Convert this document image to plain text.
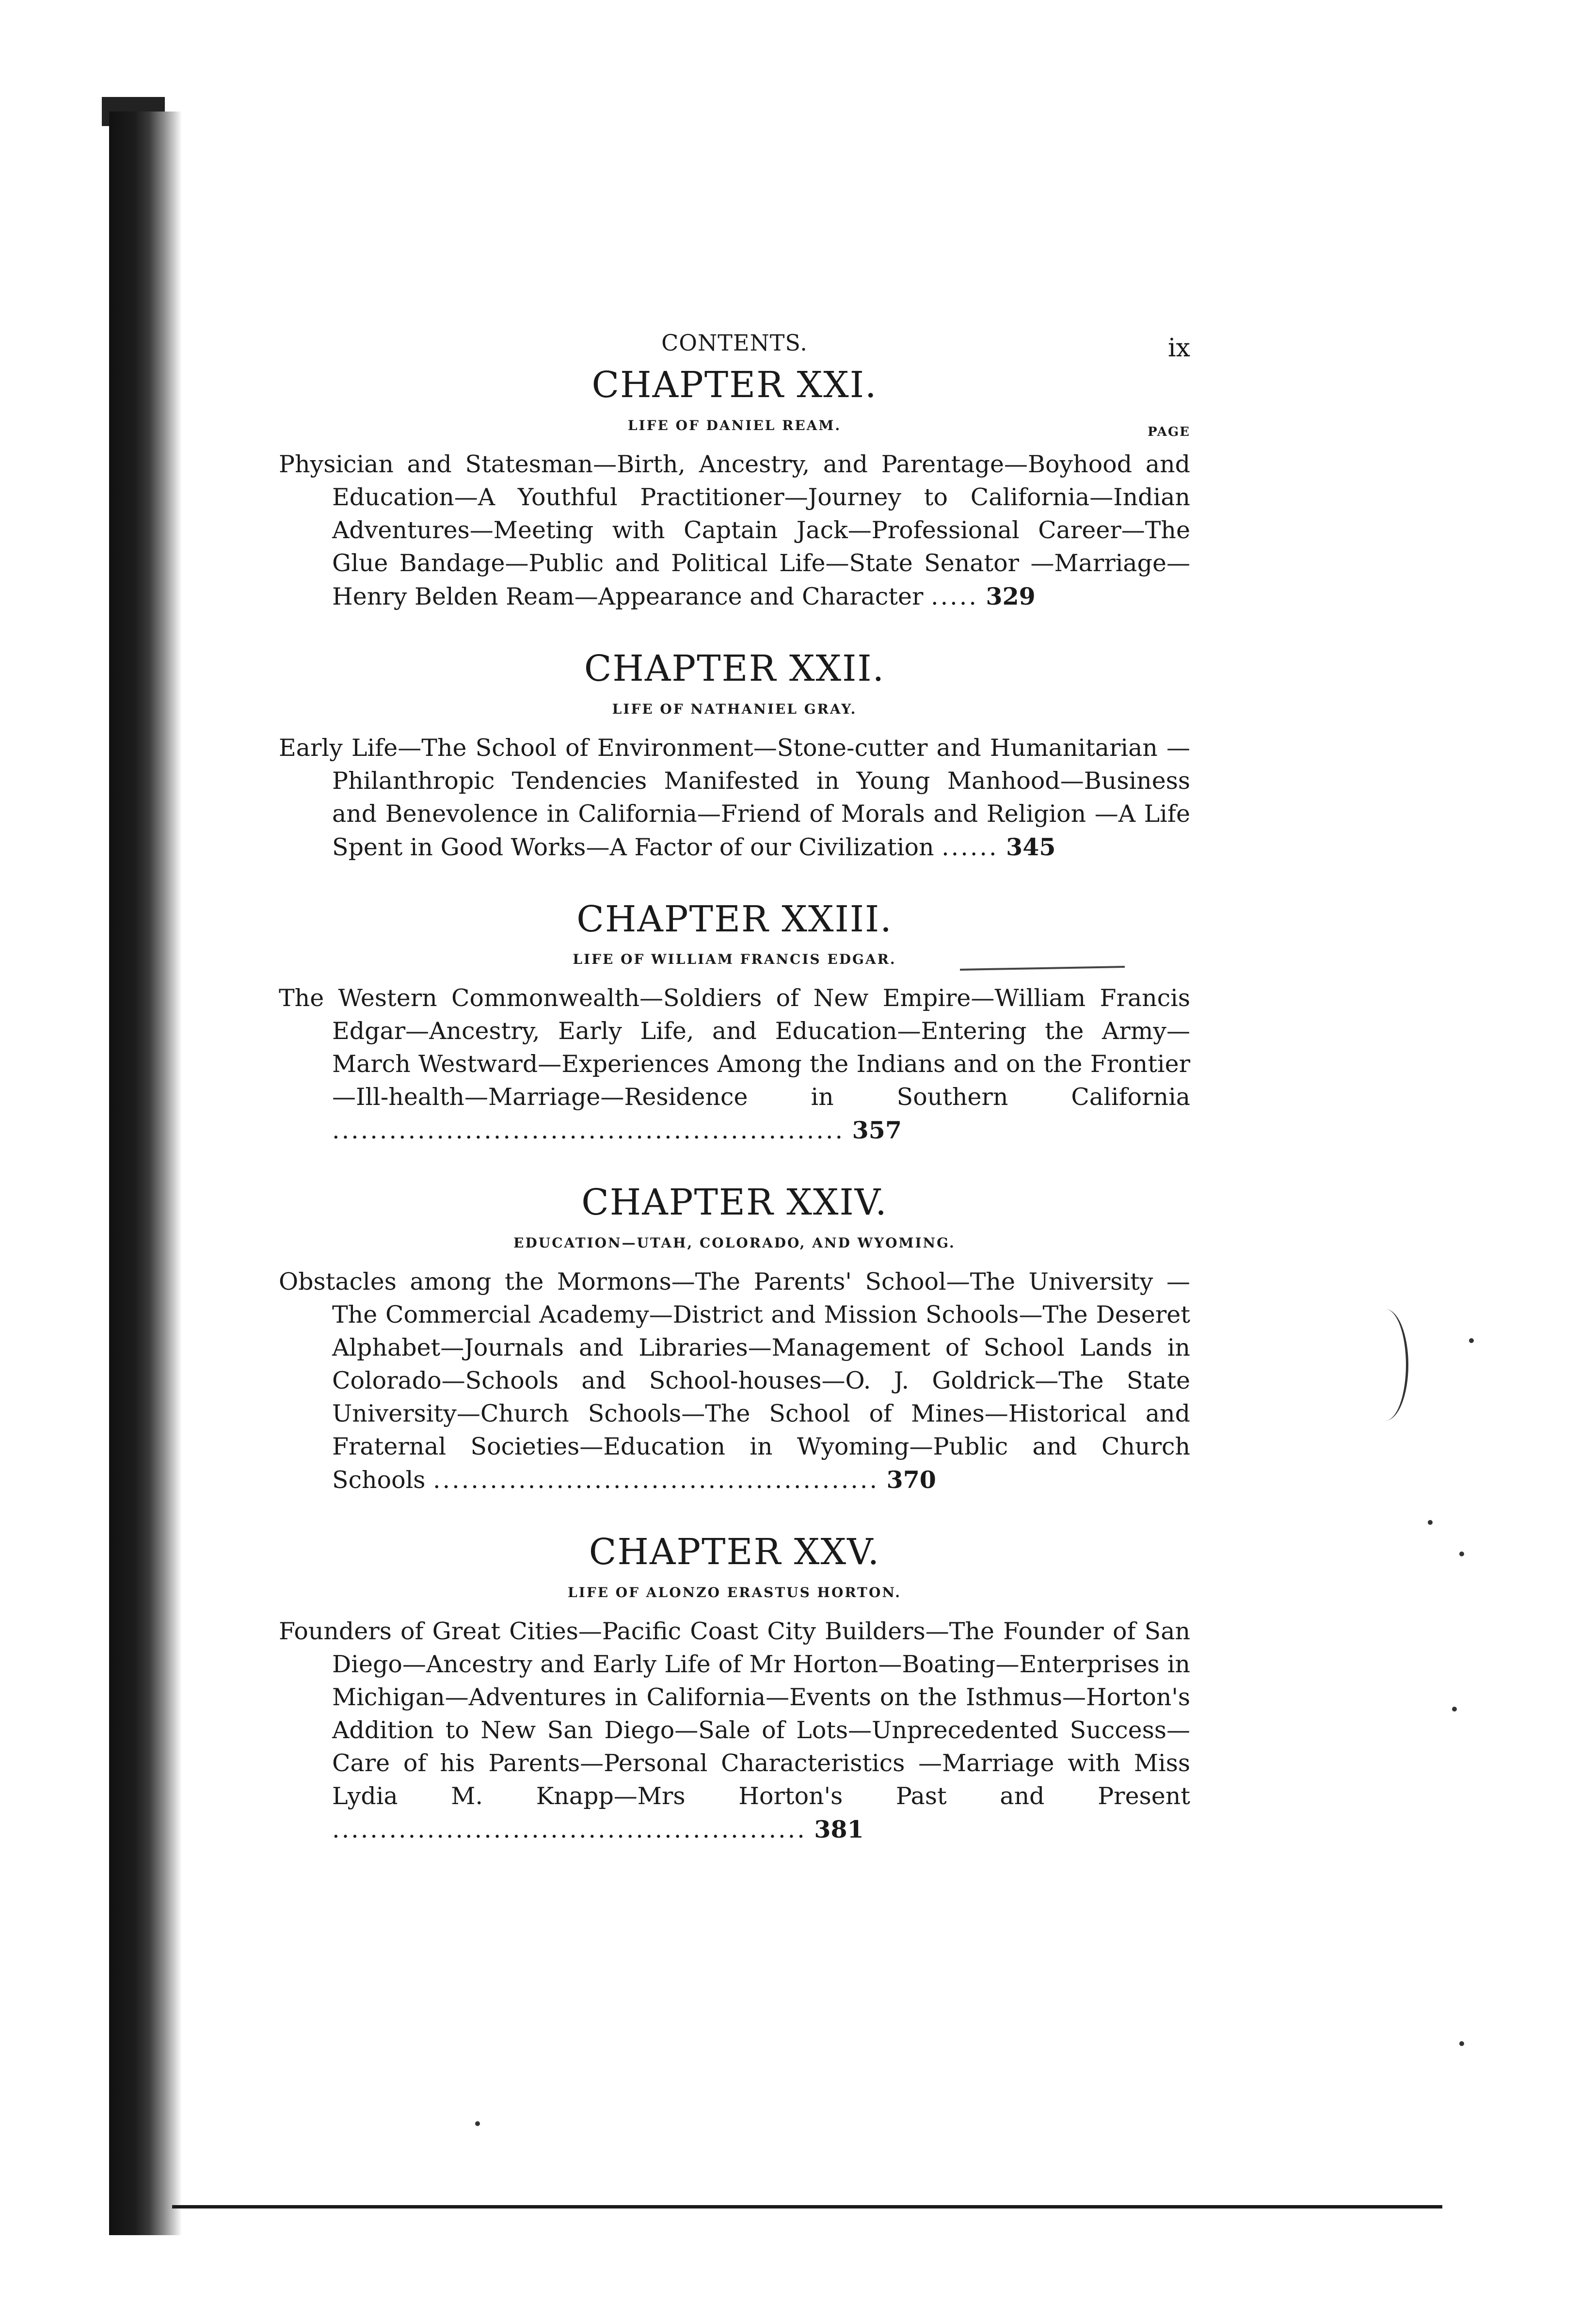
CONTENTS.	ix
CHAPTER XXI.
LIFE OF DANIEL REAM.	PAGE

Physician and Statesman—Birth, Ancestry, and Parentage—Boyhood and Education—A Youthful Practitioner—Journey to California—Indian Adventures—Meeting with Captain Jack—Professional Career—The Glue Bandage—Public and Political Life—State Senator —Marriage—Henry Belden Ream—Appearance and Character ..... 329

CHAPTER XXII.
LIFE OF NATHANIEL GRAY.

Early Life—The School of Environment—Stone-cutter and Humanitarian —Philanthropic Tendencies Manifested in Young Manhood—Business and Benevolence in California—Friend of Morals and Religion —A Life Spent in Good Works—A Factor of our Civilization ...... 345

CHAPTER XXIII.
LIFE OF WILLIAM FRANCIS EDGAR.

The Western Commonwealth—Soldiers of New Empire—William Francis Edgar—Ancestry, Early Life, and Education—Entering the Army—March Westward—Experiences Among the Indians and on the Frontier—Ill-health—Marriage—Residence in Southern California ...................................................... 357

CHAPTER XXIV.
EDUCATION—UTAH, COLORADO, AND WYOMING.

Obstacles among the Mormons—The Parents' School—The University —The Commercial Academy—District and Mission Schools—The Deseret Alphabet—Journals and Libraries—Management of School Lands in Colorado—Schools and School-houses—O. J. Goldrick—The State University—Church Schools—The School of Mines—Historical and Fraternal Societies—Education in Wyoming—Public and Church Schools ............................................... 370

CHAPTER XXV.
LIFE OF ALONZO ERASTUS HORTON.

Founders of Great Cities—Pacific Coast City Builders—The Founder of San Diego—Ancestry and Early Life of Mr Horton—Boating—Enterprises in Michigan—Adventures in California—Events on the Isthmus—Horton's Addition to New San Diego—Sale of Lots—Unprecedented Success—Care of his Parents—Personal Characteristics —Marriage with Miss Lydia M. Knapp—Mrs Horton's Past and Present .................................................. 381
